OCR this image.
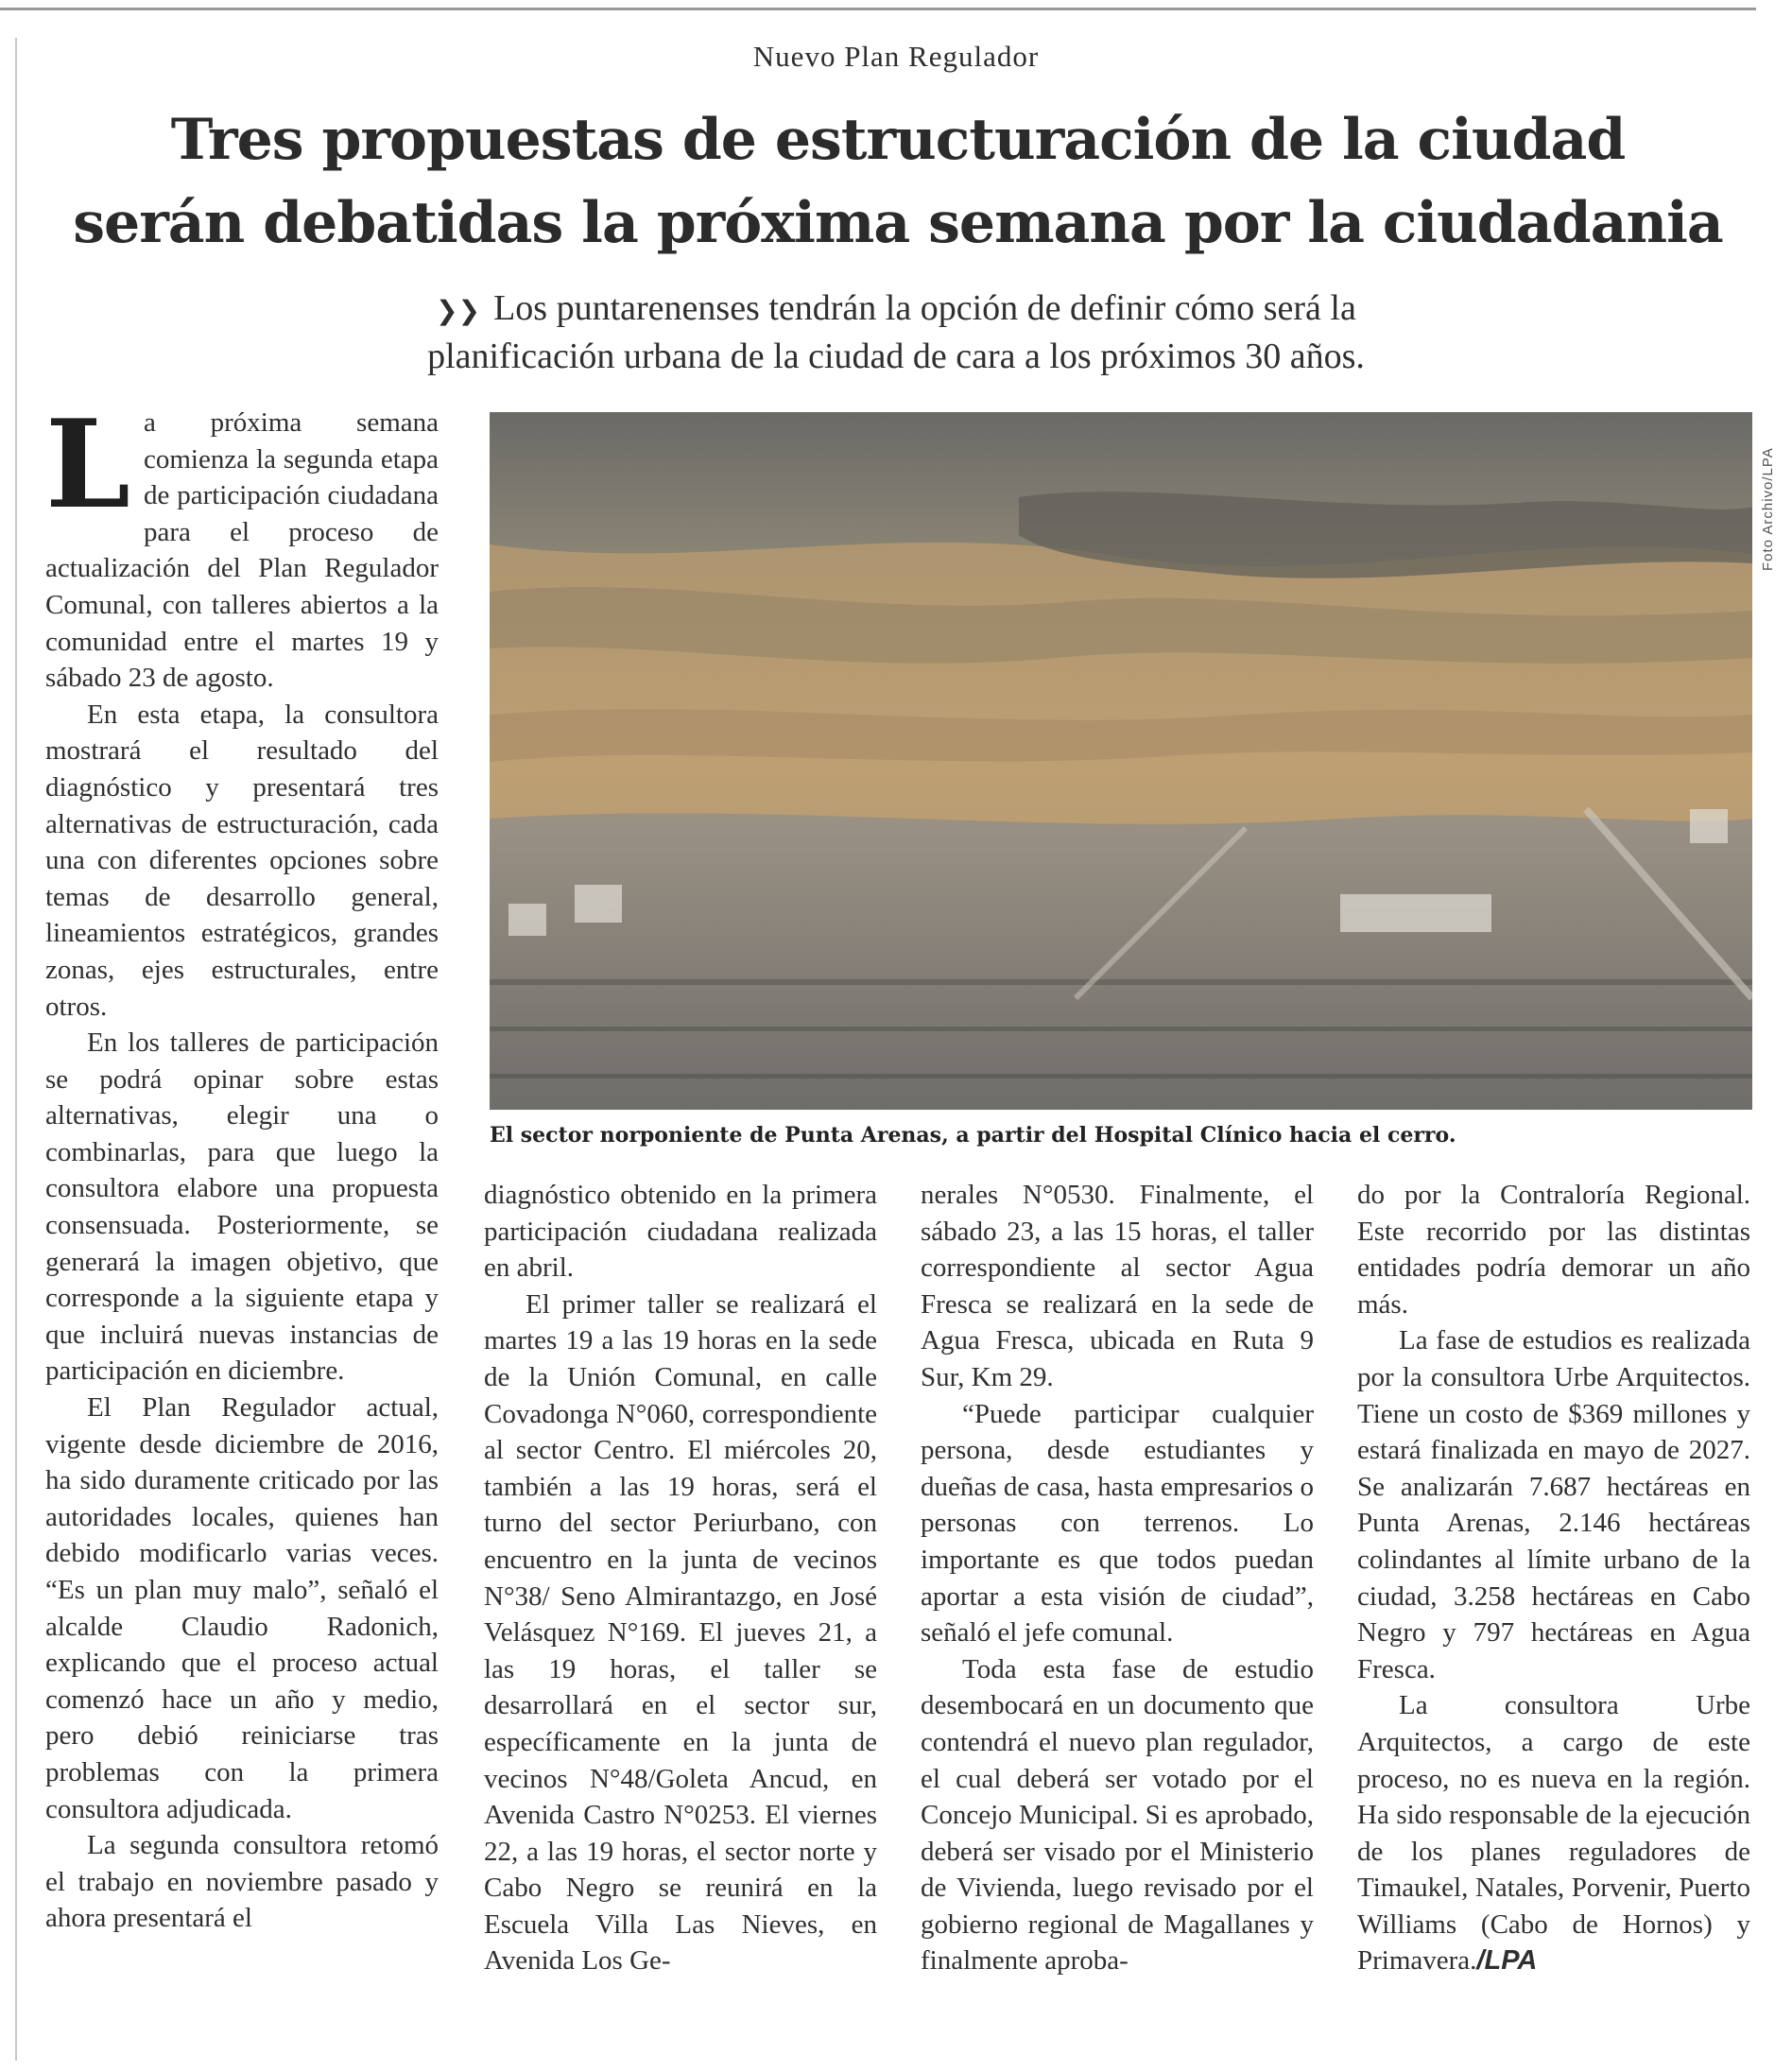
Nuevo Plan Regulador
Tres propuestas de estructuración de la ciudad
serán debatidas la próxima semana por la ciudadania
❯❯ Los puntarenenses tendrán la opción de definir cómo será la
planificación urbana de la ciudad de cara a los próximos 30 años.
Foto Archivo/LPA
El sector norponiente de Punta Arenas, a partir del Hospital Clínico hacia el cerro.

La próxima semana comienza la segunda etapa de participación ciudadana para el proceso de actualización del Plan Regulador Comunal, con talleres abiertos a la comunidad entre el martes 19 y sábado 23 de agosto.

En esta etapa, la consultora mostrará el resultado del diagnóstico y presentará tres alternativas de estructuración, cada una con diferentes opciones sobre temas de desarrollo general, lineamientos estratégicos, grandes zonas, ejes estructurales, entre otros.

En los talleres de participación se podrá opinar sobre estas alternativas, elegir una o combinarlas, para que luego la consultora elabore una propuesta consensuada. Posteriormente, se generará la imagen objetivo, que corresponde a la siguiente etapa y que incluirá nuevas instancias de participación en diciembre.

El Plan Regulador actual, vigente desde diciembre de 2016, ha sido duramente criticado por las autoridades locales, quienes han debido modificarlo varias veces. “Es un plan muy malo”, señaló el alcalde Claudio Radonich, explicando que el proceso actual comenzó hace un año y medio, pero debió reiniciarse tras problemas con la primera consultora adjudicada.

La segunda consultora retomó el trabajo en noviembre pasado y ahora presentará el

diagnóstico obtenido en la primera participación ciudadana realizada en abril.

El primer taller se realizará el martes 19 a las 19 horas en la sede de la Unión Comunal, en calle Covadonga N°060, correspondiente al sector Centro. El miércoles 20, también a las 19 horas, será el turno del sector Periurbano, con encuentro en la junta de vecinos N°38/ Seno Almirantazgo, en José Velásquez N°169. El jueves 21, a las 19 horas, el taller se desarrollará en el sector sur, específicamente en la junta de vecinos N°48/Goleta Ancud, en Avenida Castro N°0253. El viernes 22, a las 19 horas, el sector norte y Cabo Negro se reunirá en la Escuela Villa Las Nieves, en Avenida Los Ge-

nerales N°0530. Finalmente, el sábado 23, a las 15 horas, el taller correspondiente al sector Agua Fresca se realizará en la sede de Agua Fresca, ubicada en Ruta 9 Sur, Km 29.

“Puede participar cualquier persona, desde estudiantes y dueñas de casa, hasta empresarios o personas con terrenos. Lo importante es que todos puedan aportar a esta visión de ciudad”, señaló el jefe comunal.

Toda esta fase de estudio desembocará en un documento que contendrá el nuevo plan regulador, el cual deberá ser votado por el Concejo Municipal. Si es aprobado, deberá ser visado por el Ministerio de Vivienda, luego revisado por el gobierno regional de Magallanes y finalmente aproba-

do por la Contraloría Regional. Este recorrido por las distintas entidades podría demorar un año más.

La fase de estudios es realizada por la consultora Urbe Arquitectos. Tiene un costo de $369 millones y estará finalizada en mayo de 2027. Se analizarán 7.687 hectáreas en Punta Arenas, 2.146 hectáreas colindantes al límite urbano de la ciudad, 3.258 hectáreas en Cabo Negro y 797 hectáreas en Agua Fresca.

La consultora Urbe Arquitectos, a cargo de este proceso, no es nueva en la región. Ha sido responsable de la ejecución de los planes reguladores de Timaukel, Natales, Porvenir, Puerto Williams (Cabo de Hornos) y Primavera./LPA
